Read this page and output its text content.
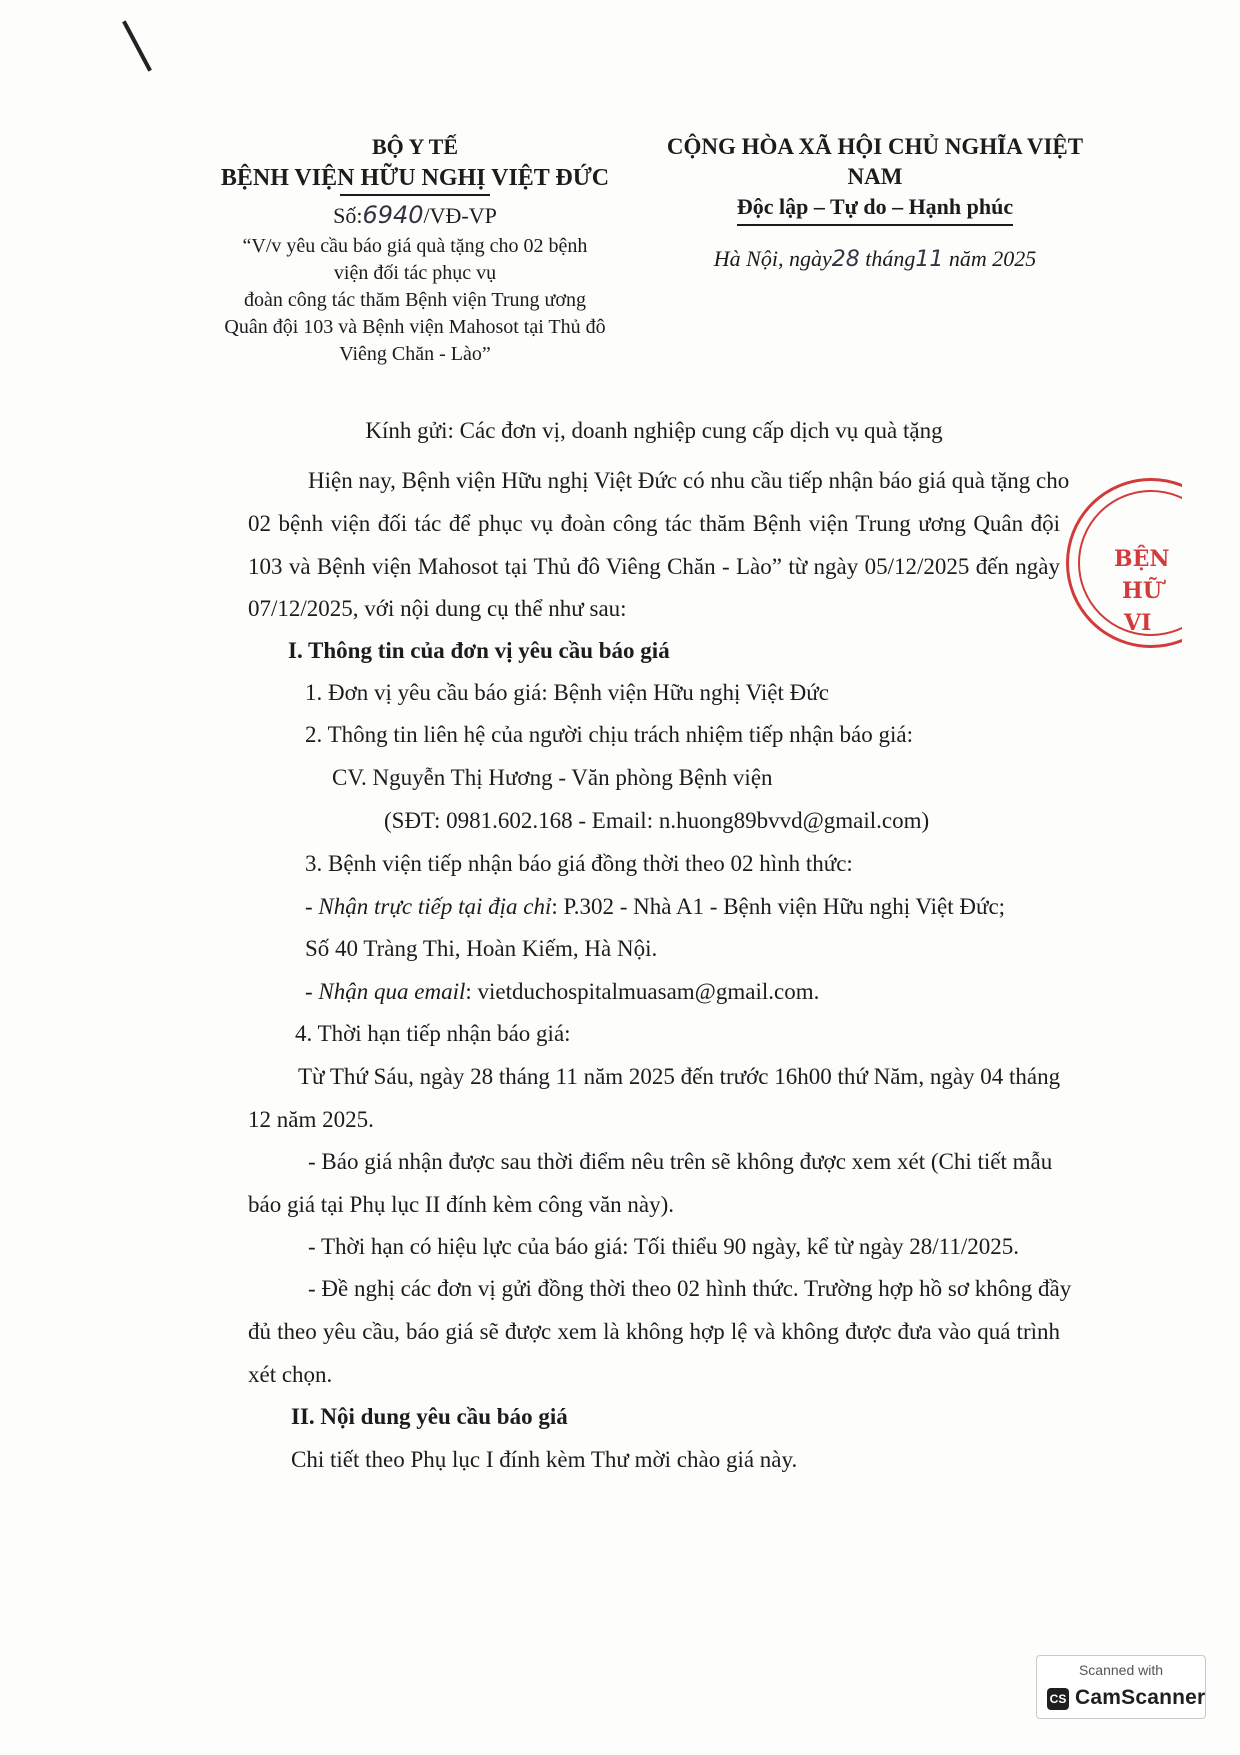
BỘ Y TẾ
BỆNH VIỆN HỮU NGHỊ VIỆT ĐỨC
Số:6940/VĐ-VP
“V/v yêu cầu báo giá quà tặng cho 02 bệnh
viện đối tác phục vụ
đoàn công tác thăm Bệnh viện Trung ương
Quân đội 103 và Bệnh viện Mahosot tại Thủ đô
Viêng Chăn - Lào”
CỘNG HÒA XÃ HỘI CHỦ NGHĨA VIỆT NAM
Độc lập – Tự do – Hạnh phúc
Hà Nội, ngày28 tháng11 năm 2025
Kính gửi: Các đơn vị, doanh nghiệp cung cấp dịch vụ quà tặng
Hiện nay, Bệnh viện Hữu nghị Việt Đức có nhu cầu tiếp nhận báo giá quà tặng cho
02 bệnh viện đối tác để phục vụ đoàn công tác thăm Bệnh viện Trung ương Quân đội
103 và Bệnh viện Mahosot tại Thủ đô Viêng Chăn - Lào” từ ngày 05/12/2025 đến ngày
07/12/2025, với nội dung cụ thể như sau:
I. Thông tin của đơn vị yêu cầu báo giá
1. Đơn vị yêu cầu báo giá: Bệnh viện Hữu nghị Việt Đức
2. Thông tin liên hệ của người chịu trách nhiệm tiếp nhận báo giá:
CV. Nguyễn Thị Hương - Văn phòng Bệnh viện
(SĐT: 0981.602.168 - Email: n.huong89bvvd@gmail.com)
3. Bệnh viện tiếp nhận báo giá đồng thời theo 02 hình thức:
- Nhận trực tiếp tại địa chỉ: P.302 - Nhà A1 - Bệnh viện Hữu nghị Việt Đức;
Số 40 Tràng Thi, Hoàn Kiếm, Hà Nội.
- Nhận qua email: vietduchospitalmuasam@gmail.com.
4. Thời hạn tiếp nhận báo giá:
Từ Thứ Sáu, ngày 28 tháng 11 năm 2025 đến trước 16h00 thứ Năm, ngày 04 tháng
12 năm 2025.
- Báo giá nhận được sau thời điểm nêu trên sẽ không được xem xét (Chi tiết mẫu
báo giá tại Phụ lục II đính kèm công văn này).
- Thời hạn có hiệu lực của báo giá: Tối thiểu 90 ngày, kể từ ngày 28/11/2025.
- Đề nghị các đơn vị gửi đồng thời theo 02 hình thức. Trường hợp hồ sơ không đầy
đủ theo yêu cầu, báo giá sẽ được xem là không hợp lệ và không được đưa vào quá trình
xét chọn.
II. Nội dung yêu cầu báo giá
Chi tiết theo Phụ lục I đính kèm Thư mời chào giá này.
BỆN
HỮ
VI
Scanned with
CS CamScanner
